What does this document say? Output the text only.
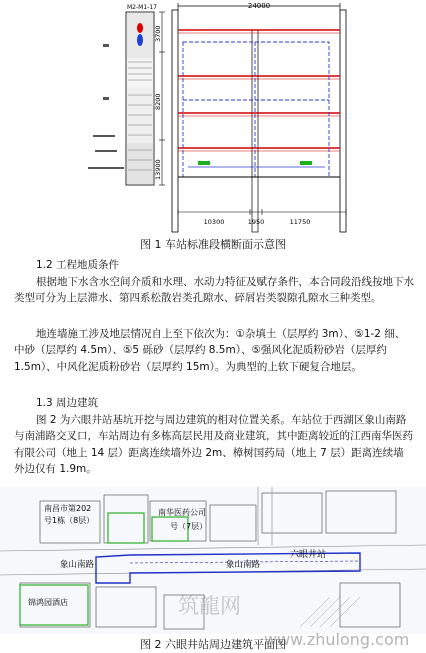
24000
M2-M1-17
3700
8200
13900
10300	1950	11750
图 1 车站标准段横断面示意图
1.2 工程地质条件

根据地下水含水空间介质和水理、水动力特征及赋存条件，本合同段沿线按地下水类型可分为上层滞水、第四系松散岩类孔隙水、碎屑岩类裂隙孔隙水三种类型。

地连墙施工涉及地层情况自上至下依次为：①杂填土（层厚约 3m）、⑤1-2 细、中砂（层厚约 4.5m）、⑤5 砾砂（层厚约 8.5m）、⑤强风化泥质粉砂岩（层厚约 1.5m）、中风化泥质粉砂岩（层厚约 15m）。为典型的上软下硬复合地层。

1.3 周边建筑

图 2 为六眼井站基坑开挖与周边建筑的相对位置关系。车站位于西湖区象山南路与南浦路交叉口，车站周边有多栋高层民用及商业建筑，其中距离较近的江西南华医药有限公司（地上 14 层）距离连续墙外边 2m、樟树国药局（地上 7 层）距离连续墙外边仅有 1.9m。

南昌市第202
号1栋（8层）
南华医药公司
号（7层）
象山南路	象山南路
六眼井站
锦鸿园酒店	筑龍网
图 2 六眼井站周边建筑平面图
www.zhulong.com
